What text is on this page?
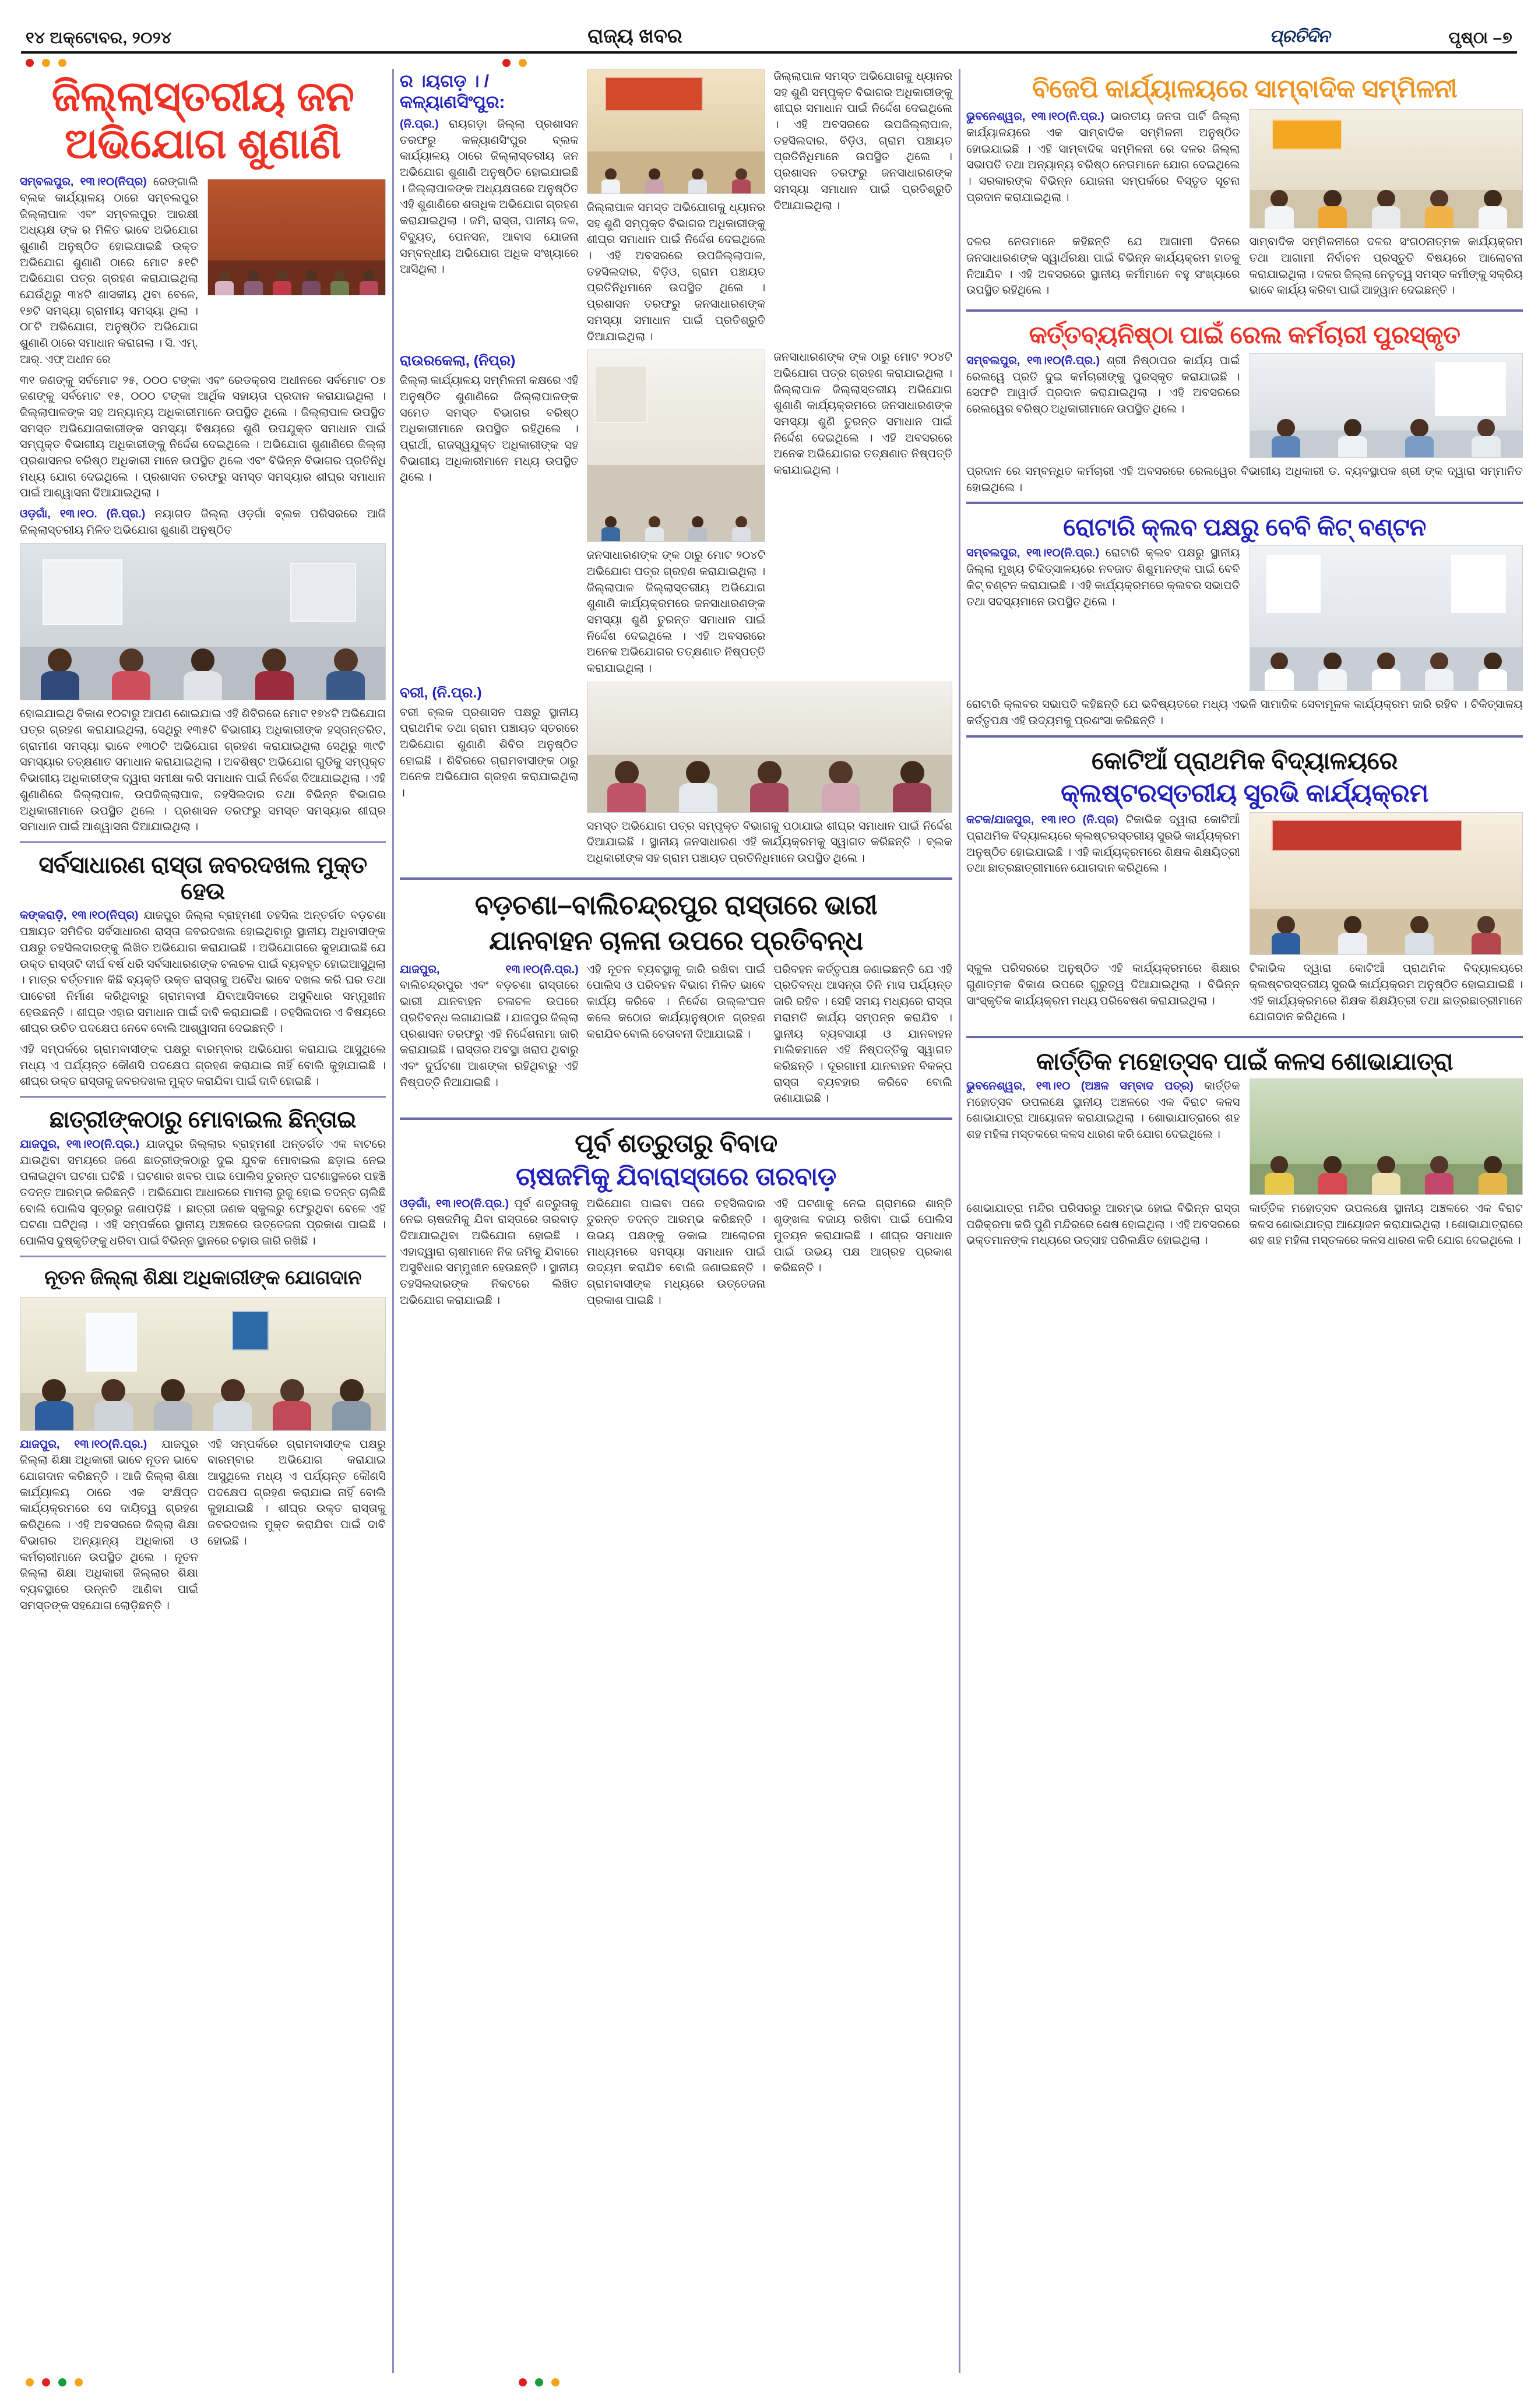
୧୪ ଅକ୍ଟୋବର, ୨୦୨୪	ରାଜ୍ୟ ଖବର	ପ୍ରତିଦିନ	ପୃଷ୍ଠା –୭
ଜିଲ୍ଲାସ୍ତରୀୟ ଜନ ଅଭିଯୋଗ ଶୁଣାଣି

ସମ୍ବଲପୁର, ୧୩।୧୦(ନିପ୍ର) ରେଙ୍ଗାଲି ବ୍ଲକ କାର୍ଯ୍ୟାଳୟ ଠାରେ ସମ୍ବଲପୁର ଜିଲ୍ଲାପାଳ ଏବଂ ସମ୍ବଲପୁର ଆରକ୍ଷୀ ଅଧ୍ୟକ୍ଷ ଙ୍କ ର ମିଳିତ ଭାବେ ଅଭିଯୋଗ ଶୁଣାଣି ଅନୁଷ୍ଠିତ ହୋଇଯାଇଛି ଉକ୍ତ ଅଭିଯୋଗ ଶୁଣାଣି ଠାରେ ମୋଟ ୫୧ଟି ଅଭିଯୋଗ ପତ୍ର ଗ୍ରହଣ କରାଯାଇଥିଲା ଯେଉଁଥିରୁ ୩୪ଟି ଶାସକୀୟ ଥିବା ବେଳେ, ୧୭ଟି ସମସ୍ୟା ଗ୍ରାମୀୟ ସମସ୍ୟା ଥିଲା । ୦୮ଟି ଅଭିଯୋଗ, ଅନୁଷ୍ଠିତ ଅଭିଯୋଗ ଶୁଣାଣି ଠାରେ ସମାଧାନ କରାଗଲା । ସି. ଏମ୍. ଆର୍. ଏଫ୍ ଅଧୀନ ରେ

୩୧ ଜଣଙ୍କୁ ସର୍ବମୋଟ ୨୫, ୦୦୦ ଟଙ୍କା ଏବଂ ରେଡକ୍ରସ ଅଧୀନରେ ସର୍ବମୋଟ ୦୭ ଜଣଙ୍କୁ ସର୍ବମୋଟ ୧୫, ୦୦୦ ଟଙ୍କା ଆର୍ଥିକ ସହାୟତା ପ୍ରଦାନ କରାଯାଇଥିଲା । ଜିଲ୍ଲାପାଳଙ୍କ ସହ ଅନ୍ୟାନ୍ୟ ଅଧିକାରୀମାନେ ଉପସ୍ଥିତ ଥିଲେ । ଜିଲ୍ଲାପାଳ ଉପସ୍ଥିତ ସମସ୍ତ ଅଭିଯୋଗକାରୀଙ୍କ ସମସ୍ୟା ବିଷୟରେ ଶୁଣି ଉପଯୁକ୍ତ ସମାଧାନ ପାଇଁ ସମ୍ପୃକ୍ତ ବିଭାଗୀୟ ଅଧିକାରୀଙ୍କୁ ନିର୍ଦ୍ଦେଶ ଦେଇଥିଲେ । ଅଭିଯୋଗ ଶୁଣାଣିରେ ଜିଲ୍ଲା ପ୍ରଶାସନର ବରିଷ୍ଠ ଅଧିକାରୀ ମାନେ ଉପସ୍ଥିତ ଥିଲେ ଏବଂ ବିଭିନ୍ନ ବିଭାଗର ପ୍ରତିନିଧି ମଧ୍ୟ ଯୋଗ ଦେଇଥିଲେ । ପ୍ରଶାସନ ତରଫରୁ ସମସ୍ତ ସମସ୍ୟାର ଶୀଘ୍ର ସମାଧାନ ପାଇଁ ଆଶ୍ୱାସନା ଦିଆଯାଇଥିଲା ।

ଓଡ଼ଗାଁ, ୧୩।୧୦. (ନି.ପ୍ର.) ନୟାଗଡ ଜିଲ୍ଲା ଓଡ଼ଗାଁ ବ୍ଲକ ପରିସରରେ ଆଜି ଜିଲ୍ଲାସ୍ତରୀୟ ମିଳିତ ଅଭିଯୋଗ ଶୁଣାଣି ଅନୁଷ୍ଠିତ

ହୋଇଯାଇଥି ବିକାଶ ୧୦ଟାରୁ ଆପଣ ଶୋଇଯାଇ ଏହି ଶିବିରରେ ମୋଟ ୧୭୪ଟି ଅଭିଯୋଗ ପତ୍ର ଗ୍ରହଣ କରାଯାଇଥିଲା, ସେଥିରୁ ୧୩୫ଟି ବିଭାଗୀୟ ଅଧିକାରୀଙ୍କ ହସ୍ତାନ୍ତରିତ, ଗ୍ରାମୀଣ ସମସ୍ୟା ଭାବେ ୧୩୦ଟି ଅଭିଯୋଗ ଗ୍ରହଣ କରାଯାଇଥିଲା ସେଥିରୁ ୩୯ଟି ସମସ୍ୟାର ତତ୍କ୍ଷଣାତ ସମାଧାନ କରାଯାଇଥିଲା । ଅବଶିଷ୍ଟ ଅଭିଯୋଗ ଗୁଡିକୁ ସମ୍ପୃକ୍ତ ବିଭାଗୀୟ ଅଧିକାରୀଙ୍କ ଦ୍ୱାରା ସମୀକ୍ଷା କରି ସମାଧାନ ପାଇଁ ନିର୍ଦ୍ଦେଶ ଦିଆଯାଇଥିଲା । ଏହି ଶୁଣାଣିରେ ଜିଲ୍ଲାପାଳ, ଉପଜିଲ୍ଲାପାଳ, ତହସିଲଦାର ତଥା ବିଭିନ୍ନ ବିଭାଗର ଅଧିକାରୀମାନେ ଉପସ୍ଥିତ ଥିଲେ । ପ୍ରଶାସନ ତରଫରୁ ସମସ୍ତ ସମସ୍ୟାର ଶୀଘ୍ର ସମାଧାନ ପାଇଁ ଆଶ୍ୱାସନା ଦିଆଯାଇଥିଲା ।

ସର୍ବସାଧାରଣ ରାସ୍ତା ଜବରଦଖଲ ମୁକ୍ତ ହେଉ

କଙ୍କରାଡ଼ି, ୧୩।୧୦(ନିପ୍ର) ଯାଜପୁର ଜିଲ୍ଲା ବ୍ରାହ୍ମଣୀ ତହସିଲ ଅନ୍ତର୍ଗତ ବଡ଼ଚଣା ପଞ୍ଚାୟତ ସମିତିର ସର୍ବସାଧାରଣ ରାସ୍ତା ଜବରଦଖଲ ହୋଇଥିବାରୁ ସ୍ଥାନୀୟ ଅଧିବାସୀଙ୍କ ପକ୍ଷରୁ ତହସିଲଦାରଙ୍କୁ ଲିଖିତ ଅଭିଯୋଗ କରାଯାଇଛି । ଅଭିଯୋଗରେ କୁହାଯାଇଛି ଯେ ଉକ୍ତ ରାସ୍ତାଟି ଦୀର୍ଘ ବର୍ଷ ଧରି ସର୍ବସାଧାରଣଙ୍କ ଚଳାଚଳ ପାଇଁ ବ୍ୟବହୃତ ହୋଇଆସୁଥିଲା । ମାତ୍ର ବର୍ତ୍ତମାନ କିଛି ବ୍ୟକ୍ତି ଉକ୍ତ ରାସ୍ତାକୁ ଅବୈଧ ଭାବେ ଦଖଲ କରି ଘର ତଥା ପାଚେରୀ ନିର୍ମାଣ କରିଥିବାରୁ ଗ୍ରାମବାସୀ ଯିବାଆସିବାରେ ଅସୁବିଧାର ସମ୍ମୁଖୀନ ହେଉଛନ୍ତି । ଶୀଘ୍ର ଏହାର ସମାଧାନ ପାଇଁ ଦାବି କରାଯାଇଛି । ତହସିଲଦାର ଏ ବିଷୟରେ ଶୀଘ୍ର ଉଚିତ ପଦକ୍ଷେପ ନେବେ ବୋଲି ଆଶ୍ୱାସନା ଦେଇଛନ୍ତି ।

ଏହି ସମ୍ପର୍କରେ ଗ୍ରାମବାସୀଙ୍କ ପକ୍ଷରୁ ବାରମ୍ବାର ଅଭିଯୋଗ କରାଯାଇ ଆସୁଥିଲେ ମଧ୍ୟ ଏ ପର୍ଯ୍ୟନ୍ତ କୌଣସି ପଦକ୍ଷେପ ଗ୍ରହଣ କରାଯାଇ ନାହିଁ ବୋଲି କୁହାଯାଇଛି । ଶୀଘ୍ର ଉକ୍ତ ରାସ୍ତାକୁ ଜବରଦଖଲ ମୁକ୍ତ କରାଯିବା ପାଇଁ ଦାବି ହୋଇଛି ।

ଛାତ୍ରୀଙ୍କଠାରୁ ମୋବାଇଲ ଛିନ୍ତାଇ

ଯାଜପୁର, ୧୩।୧୦(ନି.ପ୍ର.) ଯାଜପୁର ଜିଲ୍ଲାର ବ୍ରାହ୍ମଣୀ ଅନ୍ତର୍ଗତ ଏକ ବାଟରେ ଯାଉଥିବା ସମୟରେ ଜଣେ ଛାତ୍ରୀଙ୍କଠାରୁ ଦୁଇ ଯୁବକ ମୋବାଇଲ ଛଡ଼ାଇ ନେଇ ପଳାଇଥିବା ଘଟଣା ଘଟିଛି । ଘଟଣାର ଖବର ପାଇ ପୋଲିସ ତୁରନ୍ତ ଘଟଣାସ୍ଥଳରେ ପହଞ୍ଚି ତଦନ୍ତ ଆରମ୍ଭ କରିଛନ୍ତି । ଅଭିଯୋଗ ଆଧାରରେ ମାମଲା ରୁଜୁ ହୋଇ ତଦନ୍ତ ଚାଲିଛି ବୋଲି ପୋଲିସ ସୂତ୍ରରୁ ଜଣାପଡ଼ିଛି । ଛାତ୍ରୀ ଜଣକ ସ୍କୁଲରୁ ଫେରୁଥିବା ବେଳେ ଏହି ଘଟଣା ଘଟିଥିଲା । ଏହି ସମ୍ପର୍କରେ ସ୍ଥାନୀୟ ଅଞ୍ଚଳରେ ଉତ୍ତେଜନା ପ୍ରକାଶ ପାଇଛି । ପୋଲିସ ଦୁଷ୍କୃତିଙ୍କୁ ଧରିବା ପାଇଁ ବିଭିନ୍ନ ସ୍ଥାନରେ ଚଢ଼ାଉ ଜାରି ରଖିଛି ।

ନୂତନ ଜିଲ୍ଲା ଶିକ୍ଷା ଅଧିକାରୀଙ୍କ ଯୋଗଦାନ

ଯାଜପୁର, ୧୩।୧୦(ନି.ପ୍ର.) ଯାଜପୁର ଜିଲ୍ଲା ଶିକ୍ଷା ଅଧିକାରୀ ଭାବେ ନୂତନ ଭାବେ ଯୋଗଦାନ କରିଛନ୍ତି । ଆଜି ଜିଲ୍ଲା ଶିକ୍ଷା କାର୍ଯ୍ୟାଳୟ ଠାରେ ଏକ ସଂକ୍ଷିପ୍ତ କାର୍ଯ୍ୟକ୍ରମରେ ସେ ଦାୟିତ୍ୱ ଗ୍ରହଣ କରିଥିଲେ । ଏହି ଅବସରରେ ଜିଲ୍ଲା ଶିକ୍ଷା ବିଭାଗର ଅନ୍ୟାନ୍ୟ ଅଧିକାରୀ ଓ କର୍ମଚାରୀମାନେ ଉପସ୍ଥିତ ଥିଲେ । ନୂତନ ଜିଲ୍ଲା ଶିକ୍ଷା ଅଧିକାରୀ ଜିଲ୍ଲାର ଶିକ୍ଷା ବ୍ୟବସ୍ଥାରେ ଉନ୍ନତି ଆଣିବା ପାଇଁ ସମସ୍ତଙ୍କ ସହଯୋଗ ଲୋଡ଼ିଛନ୍ତି ।

ଏହି ସମ୍ପର୍କରେ ଗ୍ରାମବାସୀଙ୍କ ପକ୍ଷରୁ ବାରମ୍ବାର ଅଭିଯୋଗ କରାଯାଇ ଆସୁଥିଲେ ମଧ୍ୟ ଏ ପର୍ଯ୍ୟନ୍ତ କୌଣସି ପଦକ୍ଷେପ ଗ୍ରହଣ କରାଯାଇ ନାହିଁ ବୋଲି କୁହାଯାଇଛି । ଶୀଘ୍ର ଉକ୍ତ ରାସ୍ତାକୁ ଜବରଦଖଲ ମୁକ୍ତ କରାଯିବା ପାଇଁ ଦାବି ହୋଇଛି ।

ର ।ୟଗଡ଼ । / କଳ୍ୟାଣସିଂପୁର:

(ନି.ପ୍ର.) ରାୟଗଡ଼ା ଜିଲ୍ଲା ପ୍ରଶାସନ ତରଫରୁ କଳ୍ୟାଣସିଂପୁର ବ୍ଲକ କାର୍ଯ୍ୟାଳୟ ଠାରେ ଜିଲ୍ଲାସ୍ତରୀୟ ଜନ ଅଭିଯୋଗ ଶୁଣାଣି ଅନୁଷ୍ଠିତ ହୋଇଯାଇଛି । ଜିଲ୍ଲାପାଳଙ୍କ ଅଧ୍ୟକ୍ଷତାରେ ଅନୁଷ୍ଠିତ ଏହି ଶୁଣାଣିରେ ଶତାଧିକ ଅଭିଯୋଗ ଗ୍ରହଣ କରାଯାଇଥିଲା । ଜମି, ରାସ୍ତା, ପାନୀୟ ଜଳ, ବିଦ୍ୟୁତ୍, ପେନସନ, ଆବାସ ଯୋଜନା ସମ୍ବନ୍ଧୀୟ ଅଭିଯୋଗ ଅଧିକ ସଂଖ୍ୟାରେ ଆସିଥିଲା ।

ଜିଲ୍ଲାପାଳ ସମସ୍ତ ଅଭିଯୋଗକୁ ଧ୍ୟାନର ସହ ଶୁଣି ସମ୍ପୃକ୍ତ ବିଭାଗର ଅଧିକାରୀଙ୍କୁ ଶୀଘ୍ର ସମାଧାନ ପାଇଁ ନିର୍ଦ୍ଦେଶ ଦେଇଥିଲେ । ଏହି ଅବସରରେ ଉପଜିଲ୍ଲାପାଳ, ତହସିଲଦାର, ବିଡ଼ିଓ, ଗ୍ରାମ ପଞ୍ଚାୟତ ପ୍ରତିନିଧିମାନେ ଉପସ୍ଥିତ ଥିଲେ । ପ୍ରଶାସନ ତରଫରୁ ଜନସାଧାରଣଙ୍କ ସମସ୍ୟା ସମାଧାନ ପାଇଁ ପ୍ରତିଶ୍ରୁତି ଦିଆଯାଇଥିଲା ।

ଜିଲ୍ଲାପାଳ ସମସ୍ତ ଅଭିଯୋଗକୁ ଧ୍ୟାନର ସହ ଶୁଣି ସମ୍ପୃକ୍ତ ବିଭାଗର ଅଧିକାରୀଙ୍କୁ ଶୀଘ୍ର ସମାଧାନ ପାଇଁ ନିର୍ଦ୍ଦେଶ ଦେଇଥିଲେ । ଏହି ଅବସରରେ ଉପଜିଲ୍ଲାପାଳ, ତହସିଲଦାର, ବିଡ଼ିଓ, ଗ୍ରାମ ପଞ୍ଚାୟତ ପ୍ରତିନିଧିମାନେ ଉପସ୍ଥିତ ଥିଲେ । ପ୍ରଶାସନ ତରଫରୁ ଜନସାଧାରଣଙ୍କ ସମସ୍ୟା ସମାଧାନ ପାଇଁ ପ୍ରତିଶ୍ରୁତି ଦିଆଯାଇଥିଲା ।

ରାଉରକେଲା, (ନିପ୍ର)

ଜିଲ୍ଲା କାର୍ଯ୍ୟାଳୟ ସମ୍ମିଳନୀ କକ୍ଷରେ ଏହି ଅନୁଷ୍ଠିତ ଶୁଣାଣିରେ ଜିଲ୍ଲାପାଳଙ୍କ ସମେତ ସମସ୍ତ ବିଭାଗର ବରିଷ୍ଠ ଅଧିକାରୀମାନେ ଉପସ୍ଥିତ ରହିଥିଲେ । ପ୍ରାର୍ଥୀ, ରାଜସ୍ୱଯୁକ୍ତ ଅଧିକାରୀଙ୍କ ସହ ବିଭାଗୀୟ ଅଧିକାରୀମାନେ ମଧ୍ୟ ଉପସ୍ଥିତ ଥିଲେ ।

ଜନସାଧାରଣଙ୍କ ଙ୍କ ଠାରୁ ମୋଟ ୨୦୪ଟି ଅଭିଯୋଗ ପତ୍ର ଗ୍ରହଣ କରାଯାଇଥିଲା । ଜିଲ୍ଲାପାଳ ଜିଲ୍ଲାସ୍ତରୀୟ ଅଭିଯୋଗ ଶୁଣାଣି କାର୍ଯ୍ୟକ୍ରମରେ ଜନସାଧାରଣଙ୍କ ସମସ୍ୟା ଶୁଣି ତୁରନ୍ତ ସମାଧାନ ପାଇଁ ନିର୍ଦ୍ଦେଶ ଦେଇଥିଲେ । ଏହି ଅବସରରେ ଅନେକ ଅଭିଯୋଗର ତତ୍କ୍ଷଣାତ ନିଷ୍ପତ୍ତି କରାଯାଇଥିଲା ।

ଜନସାଧାରଣଙ୍କ ଙ୍କ ଠାରୁ ମୋଟ ୨୦୪ଟି ଅଭିଯୋଗ ପତ୍ର ଗ୍ରହଣ କରାଯାଇଥିଲା । ଜିଲ୍ଲାପାଳ ଜିଲ୍ଲାସ୍ତରୀୟ ଅଭିଯୋଗ ଶୁଣାଣି କାର୍ଯ୍ୟକ୍ରମରେ ଜନସାଧାରଣଙ୍କ ସମସ୍ୟା ଶୁଣି ତୁରନ୍ତ ସମାଧାନ ପାଇଁ ନିର୍ଦ୍ଦେଶ ଦେଇଥିଲେ । ଏହି ଅବସରରେ ଅନେକ ଅଭିଯୋଗର ତତ୍କ୍ଷଣାତ ନିଷ୍ପତ୍ତି କରାଯାଇଥିଲା ।

ବରୀ, (ନି.ପ୍ର.)

ବରୀ ବ୍ଲକ ପ୍ରଶାସନ ପକ୍ଷରୁ ସ୍ଥାନୀୟ ପ୍ରାଥମିକ ତଥା ଗ୍ରାମ ପଞ୍ଚାୟତ ସ୍ତରରେ ଅଭିଯୋଗ ଶୁଣାଣି ଶିବିର ଅନୁଷ୍ଠିତ ହୋଇଛି । ଶିବିରରେ ଗ୍ରାମବାସୀଙ୍କ ଠାରୁ ଅନେକ ଅଭିଯୋଗ ଗ୍ରହଣ କରାଯାଇଥିଲା ।

ସମସ୍ତ ଅଭିଯୋଗ ପତ୍ର ସମ୍ପୃକ୍ତ ବିଭାଗକୁ ପଠାଯାଇ ଶୀଘ୍ର ସମାଧାନ ପାଇଁ ନିର୍ଦ୍ଦେଶ ଦିଆଯାଇଛି । ସ୍ଥାନୀୟ ଜନସାଧାରଣ ଏହି କାର୍ଯ୍ୟକ୍ରମକୁ ସ୍ୱାଗତ କରିଛନ୍ତି । ବ୍ଲକ ଅଧିକାରୀଙ୍କ ସହ ଗ୍ରାମ ପଞ୍ଚାୟତ ପ୍ରତିନିଧିମାନେ ଉପସ୍ଥିତ ଥିଲେ ।

ବଡ଼ଚଣା–ବାଲିଚନ୍ଦ୍ରପୁର ରାସ୍ତାରେ ଭାରୀ
ଯାନବାହନ ଚାଳନା ଉପରେ ପ୍ରତିବନ୍ଧ

ଯାଜପୁର, ୧୩।୧୦(ନି.ପ୍ର.) ବାଲିଚନ୍ଦ୍ରପୁର ଏବଂ ବଡ଼ଚଣା ରାସ୍ତାରେ ଭାରୀ ଯାନବାହନ ଚଳାଚଳ ଉପରେ ପ୍ରତିବନ୍ଧ ଲଗାଯାଇଛି । ଯାଜପୁର ଜିଲ୍ଲା ପ୍ରଶାସନ ତରଫରୁ ଏହି ନିର୍ଦ୍ଦେଶନାମା ଜାରି କରାଯାଇଛି । ରାସ୍ତାର ଅବସ୍ଥା ଖରାପ ଥିବାରୁ ଏବଂ ଦୁର୍ଘଟଣା ଆଶଙ୍କା ରହିଥିବାରୁ ଏହି ନିଷ୍ପତ୍ତି ନିଆଯାଇଛି ।

ଏହି ନୂତନ ବ୍ୟବସ୍ଥାକୁ ଜାରି ରଖିବା ପାଇଁ ପୋଲିସ ଓ ପରିବହନ ବିଭାଗ ମିଳିତ ଭାବେ କାର୍ଯ୍ୟ କରିବେ । ନିର୍ଦ୍ଦେଶ ଉଲ୍ଲଂଘନ କଲେ କଠୋର କାର୍ଯ୍ୟାନୁଷ୍ଠାନ ଗ୍ରହଣ କରାଯିବ ବୋଲି ଚେତାବନୀ ଦିଆଯାଇଛି ।

ପରିବହନ କର୍ତ୍ତୃପକ୍ଷ ଜଣାଇଛନ୍ତି ଯେ ଏହି ପ୍ରତିବନ୍ଧ ଆସନ୍ତା ତିନି ମାସ ପର୍ଯ୍ୟନ୍ତ ଜାରି ରହିବ । ସେହି ସମୟ ମଧ୍ୟରେ ରାସ୍ତା ମରାମତି କାର୍ଯ୍ୟ ସମ୍ପନ୍ନ କରାଯିବ । ସ୍ଥାନୀୟ ବ୍ୟବସାୟୀ ଓ ଯାନବାହନ ମାଲିକମାନେ ଏହି ନିଷ୍ପତ୍ତିକୁ ସ୍ୱାଗତ କରିଛନ୍ତି । ଦୂରଗାମୀ ଯାନବାହନ ବିକଳ୍ପ ରାସ୍ତା ବ୍ୟବହାର କରିବେ ବୋଲି ଜଣାଯାଇଛି ।

ପୂର୍ବ ଶତ୍ରୁତାରୁ ବିବାଦ
ଚାଷଜମିକୁ ଯିବାରାସ୍ତାରେ ତାରବାଡ଼

ଓଡ଼ଗାଁ, ୧୩।୧୦(ନି.ପ୍ର.) ପୂର୍ବ ଶତ୍ରୁତାକୁ ନେଇ ଚାଷଜମିକୁ ଯିବା ରାସ୍ତାରେ ତାରବାଡ଼ ଦିଆଯାଇଥିବା ଅଭିଯୋଗ ହୋଇଛି । ଏହାଦ୍ୱାରା ଚାଷୀମାନେ ନିଜ ଜମିକୁ ଯିବାରେ ଅସୁବିଧାର ସମ୍ମୁଖୀନ ହେଉଛନ୍ତି । ସ୍ଥାନୀୟ ତହସିଲଦାରଙ୍କ ନିକଟରେ ଲିଖିତ ଅଭିଯୋଗ କରାଯାଇଛି ।

ଅଭିଯୋଗ ପାଇବା ପରେ ତହସିଲଦାର ତୁରନ୍ତ ତଦନ୍ତ ଆରମ୍ଭ କରିଛନ୍ତି । ଉଭୟ ପକ୍ଷଙ୍କୁ ଡକାଇ ଆଲୋଚନା ମାଧ୍ୟମରେ ସମସ୍ୟା ସମାଧାନ ପାଇଁ ଉଦ୍ୟମ କରାଯିବ ବୋଲି ଜଣାଇଛନ୍ତି । ଗ୍ରାମବାସୀଙ୍କ ମଧ୍ୟରେ ଉତ୍ତେଜନା ପ୍ରକାଶ ପାଇଛି ।

ଏହି ଘଟଣାକୁ ନେଇ ଗ୍ରାମରେ ଶାନ୍ତି ଶୃଙ୍ଖଳା ବଜାୟ ରଖିବା ପାଇଁ ପୋଲିସ ମୁତୟନ କରାଯାଇଛି । ଶୀଘ୍ର ସମାଧାନ ପାଇଁ ଉଭୟ ପକ୍ଷ ଆଗ୍ରହ ପ୍ରକାଶ କରିଛନ୍ତି ।

ବିଜେପି କାର୍ଯ୍ୟାଳୟରେ ସାମ୍ବାଦିକ ସମ୍ମିଳନୀ

ଭୁବନେଶ୍ୱର, ୧୩।୧୦(ନି.ପ୍ର.) ଭାରତୀୟ ଜନତା ପାର୍ଟି ଜିଲ୍ଲା କାର୍ଯ୍ୟାଳୟରେ ଏକ ସାମ୍ବାଦିକ ସମ୍ମିଳନୀ ଅନୁଷ୍ଠିତ ହୋଇଯାଇଛି । ଏହି ସାମ୍ବାଦିକ ସମ୍ମିଳନୀ ରେ ଦଳର ଜିଲ୍ଲା ସଭାପତି ତଥା ଅନ୍ୟାନ୍ୟ ବରିଷ୍ଠ ନେତାମାନେ ଯୋଗ ଦେଇଥିଲେ । ସରକାରଙ୍କ ବିଭିନ୍ନ ଯୋଜନା ସମ୍ପର୍କରେ ବିସ୍ତୃତ ସୂଚନା ପ୍ରଦାନ କରାଯାଇଥିଲା ।

ଦଳର ନେତାମାନେ କହିଛନ୍ତି ଯେ ଆଗାମୀ ଦିନରେ ଜନସାଧାରଣଙ୍କ ସ୍ୱାର୍ଥରକ୍ଷା ପାଇଁ ବିଭିନ୍ନ କାର୍ଯ୍ୟକ୍ରମ ହାତକୁ ନିଆଯିବ । ଏହି ଅବସରରେ ସ୍ଥାନୀୟ କର୍ମୀମାନେ ବହୁ ସଂଖ୍ୟାରେ ଉପସ୍ଥିତ ରହିଥିଲେ ।

ସାମ୍ବାଦିକ ସମ୍ମିଳନୀରେ ଦଳର ସଂଗଠନାତ୍ମକ କାର୍ଯ୍ୟକ୍ରମ ତଥା ଆଗାମୀ ନିର୍ବାଚନ ପ୍ରସ୍ତୁତି ବିଷୟରେ ଆଲୋଚନା କରାଯାଇଥିଲା । ଦଳର ଜିଲ୍ଲା ନେତୃତ୍ୱ ସମସ୍ତ କର୍ମୀଙ୍କୁ ସକ୍ରିୟ ଭାବେ କାର୍ଯ୍ୟ କରିବା ପାଇଁ ଆହ୍ୱାନ ଦେଇଛନ୍ତି ।

କର୍ତ୍ତବ୍ୟନିଷ୍ଠା ପାଇଁ ରେଲ କର୍ମଚାରୀ ପୁରସ୍କୃତ

ସମ୍ବଲପୁର, ୧୩।୧୦(ନି.ପ୍ର.) ଶ୍ରୀ ନିଷ୍ଠାପର କାର୍ଯ୍ୟ ପାଇଁ ରେଲୱେ ପ୍ରତି ଦୁଇ କର୍ମଚାରୀଙ୍କୁ ପୁରସ୍କୃତ କରାଯାଇଛି । ସେଫଟି ଆୱାର୍ଡ ପ୍ରଦାନ କରାଯାଇଥିଲା । ଏହି ଅବସରରେ ରେଲୱେର ବରିଷ୍ଠ ଅଧିକାରୀମାନେ ଉପସ୍ଥିତ ଥିଲେ ।

ପ୍ରଦାନ ରେ ସମ୍ବନ୍ଧିତ କର୍ମଚାରୀ ଏହି ଅବସରରେ ରେଲୱେର ବିଭାଗୀୟ ଅଧିକାରୀ ଡ. ବ୍ୟବସ୍ଥାପକ ଶ୍ରୀ ଙ୍କ ଦ୍ୱାରା ସମ୍ମାନିତ ହୋଇଥିଲେ ।

ରୋଟାରି କ୍ଲବ ପକ୍ଷରୁ ବେବି କିଟ୍ ବଣ୍ଟନ

ସମ୍ବଲପୁର, ୧୩।୧୦(ନି.ପ୍ର.) ରୋଟାରି କ୍ଲବ ପକ୍ଷରୁ ସ୍ଥାନୀୟ ଜିଲ୍ଲା ମୁଖ୍ୟ ଚିକିତ୍ସାଳୟରେ ନବଜାତ ଶିଶୁମାନଙ୍କ ପାଇଁ ବେବି କିଟ୍ ବଣ୍ଟନ କରାଯାଇଛି । ଏହି କାର୍ଯ୍ୟକ୍ରମରେ କ୍ଲବର ସଭାପତି ତଥା ସଦସ୍ୟମାନେ ଉପସ୍ଥିତ ଥିଲେ ।

ରୋଟାରି କ୍ଲବର ସଭାପତି କହିଛନ୍ତି ଯେ ଭବିଷ୍ୟତରେ ମଧ୍ୟ ଏଭଳି ସାମାଜିକ ସେବାମୂଳକ କାର୍ଯ୍ୟକ୍ରମ ଜାରି ରହିବ । ଚିକିତ୍ସାଳୟ କର୍ତ୍ତୃପକ୍ଷ ଏହି ଉଦ୍ୟମକୁ ପ୍ରଶଂସା କରିଛନ୍ତି ।

କୋଟିଆଁ ପ୍ରାଥମିକ ବିଦ୍ୟାଳୟରେ
କ୍ଲଷ୍ଟରସ୍ତରୀୟ ସୁରଭି କାର୍ଯ୍ୟକ୍ରମ

କଟକ/ଯାଜପୁର, ୧୩।୧୦ (ନି.ପ୍ର) ଟିକାଭିକ ଦ୍ୱାରା କୋଟିଆଁ ପ୍ରାଥମିକ ବିଦ୍ୟାଳୟରେ କ୍ଲଷ୍ଟରସ୍ତରୀୟ ସୁରଭି କାର୍ଯ୍ୟକ୍ରମ ଅନୁଷ୍ଠିତ ହୋଇଯାଇଛି । ଏହି କାର୍ଯ୍ୟକ୍ରମରେ ଶିକ୍ଷକ ଶିକ୍ଷୟିତ୍ରୀ ତଥା ଛାତ୍ରଛାତ୍ରୀମାନେ ଯୋଗଦାନ କରିଥିଲେ ।

ସ୍କୁଲ ପରିସରରେ ଅନୁଷ୍ଠିତ ଏହି କାର୍ଯ୍ୟକ୍ରମରେ ଶିକ୍ଷାର ଗୁଣାତ୍ମକ ବିକାଶ ଉପରେ ଗୁରୁତ୍ୱ ଦିଆଯାଇଥିଲା । ବିଭିନ୍ନ ସାଂସ୍କୃତିକ କାର୍ଯ୍ୟକ୍ରମ ମଧ୍ୟ ପରିବେଷଣ କରାଯାଇଥିଲା ।

ଟିକାଭିକ ଦ୍ୱାରା କୋଟିଆଁ ପ୍ରାଥମିକ ବିଦ୍ୟାଳୟରେ କ୍ଲଷ୍ଟରସ୍ତରୀୟ ସୁରଭି କାର୍ଯ୍ୟକ୍ରମ ଅନୁଷ୍ଠିତ ହୋଇଯାଇଛି । ଏହି କାର୍ଯ୍ୟକ୍ରମରେ ଶିକ୍ଷକ ଶିକ୍ଷୟିତ୍ରୀ ତଥା ଛାତ୍ରଛାତ୍ରୀମାନେ ଯୋଗଦାନ କରିଥିଲେ ।

କାର୍ତ୍ତିକ ମହୋତ୍ସବ ପାଇଁ କଳସ ଶୋଭାଯାତ୍ରା

ଭୁବନେଶ୍ୱର, ୧୩।୧୦ (ଅଞ୍ଚଳ ସମ୍ବାଦ ପତ୍ର) କାର୍ତ୍ତିକ ମହୋତ୍ସବ ଉପଲକ୍ଷେ ସ୍ଥାନୀୟ ଅଞ୍ଚଳରେ ଏକ ବିରାଟ କଳସ ଶୋଭାଯାତ୍ରା ଆୟୋଜନ କରାଯାଇଥିଲା । ଶୋଭାଯାତ୍ରାରେ ଶହ ଶହ ମହିଳା ମସ୍ତକରେ କଳସ ଧାରଣ କରି ଯୋଗ ଦେଇଥିଲେ ।

ଶୋଭାଯାତ୍ରା ମନ୍ଦିର ପରିସରରୁ ଆରମ୍ଭ ହୋଇ ବିଭିନ୍ନ ରାସ୍ତା ପରିକ୍ରମା କରି ପୁଣି ମନ୍ଦିରରେ ଶେଷ ହୋଇଥିଲା । ଏହି ଅବସରରେ ଭକ୍ତମାନଙ୍କ ମଧ୍ୟରେ ଉତ୍ସାହ ପରିଲକ୍ଷିତ ହୋଇଥିଲା ।

କାର୍ତ୍ତିକ ମହୋତ୍ସବ ଉପଲକ୍ଷେ ସ୍ଥାନୀୟ ଅଞ୍ଚଳରେ ଏକ ବିରାଟ କଳସ ଶୋଭାଯାତ୍ରା ଆୟୋଜନ କରାଯାଇଥିଲା । ଶୋଭାଯାତ୍ରାରେ ଶହ ଶହ ମହିଳା ମସ୍ତକରେ କଳସ ଧାରଣ କରି ଯୋଗ ଦେଇଥିଲେ ।
